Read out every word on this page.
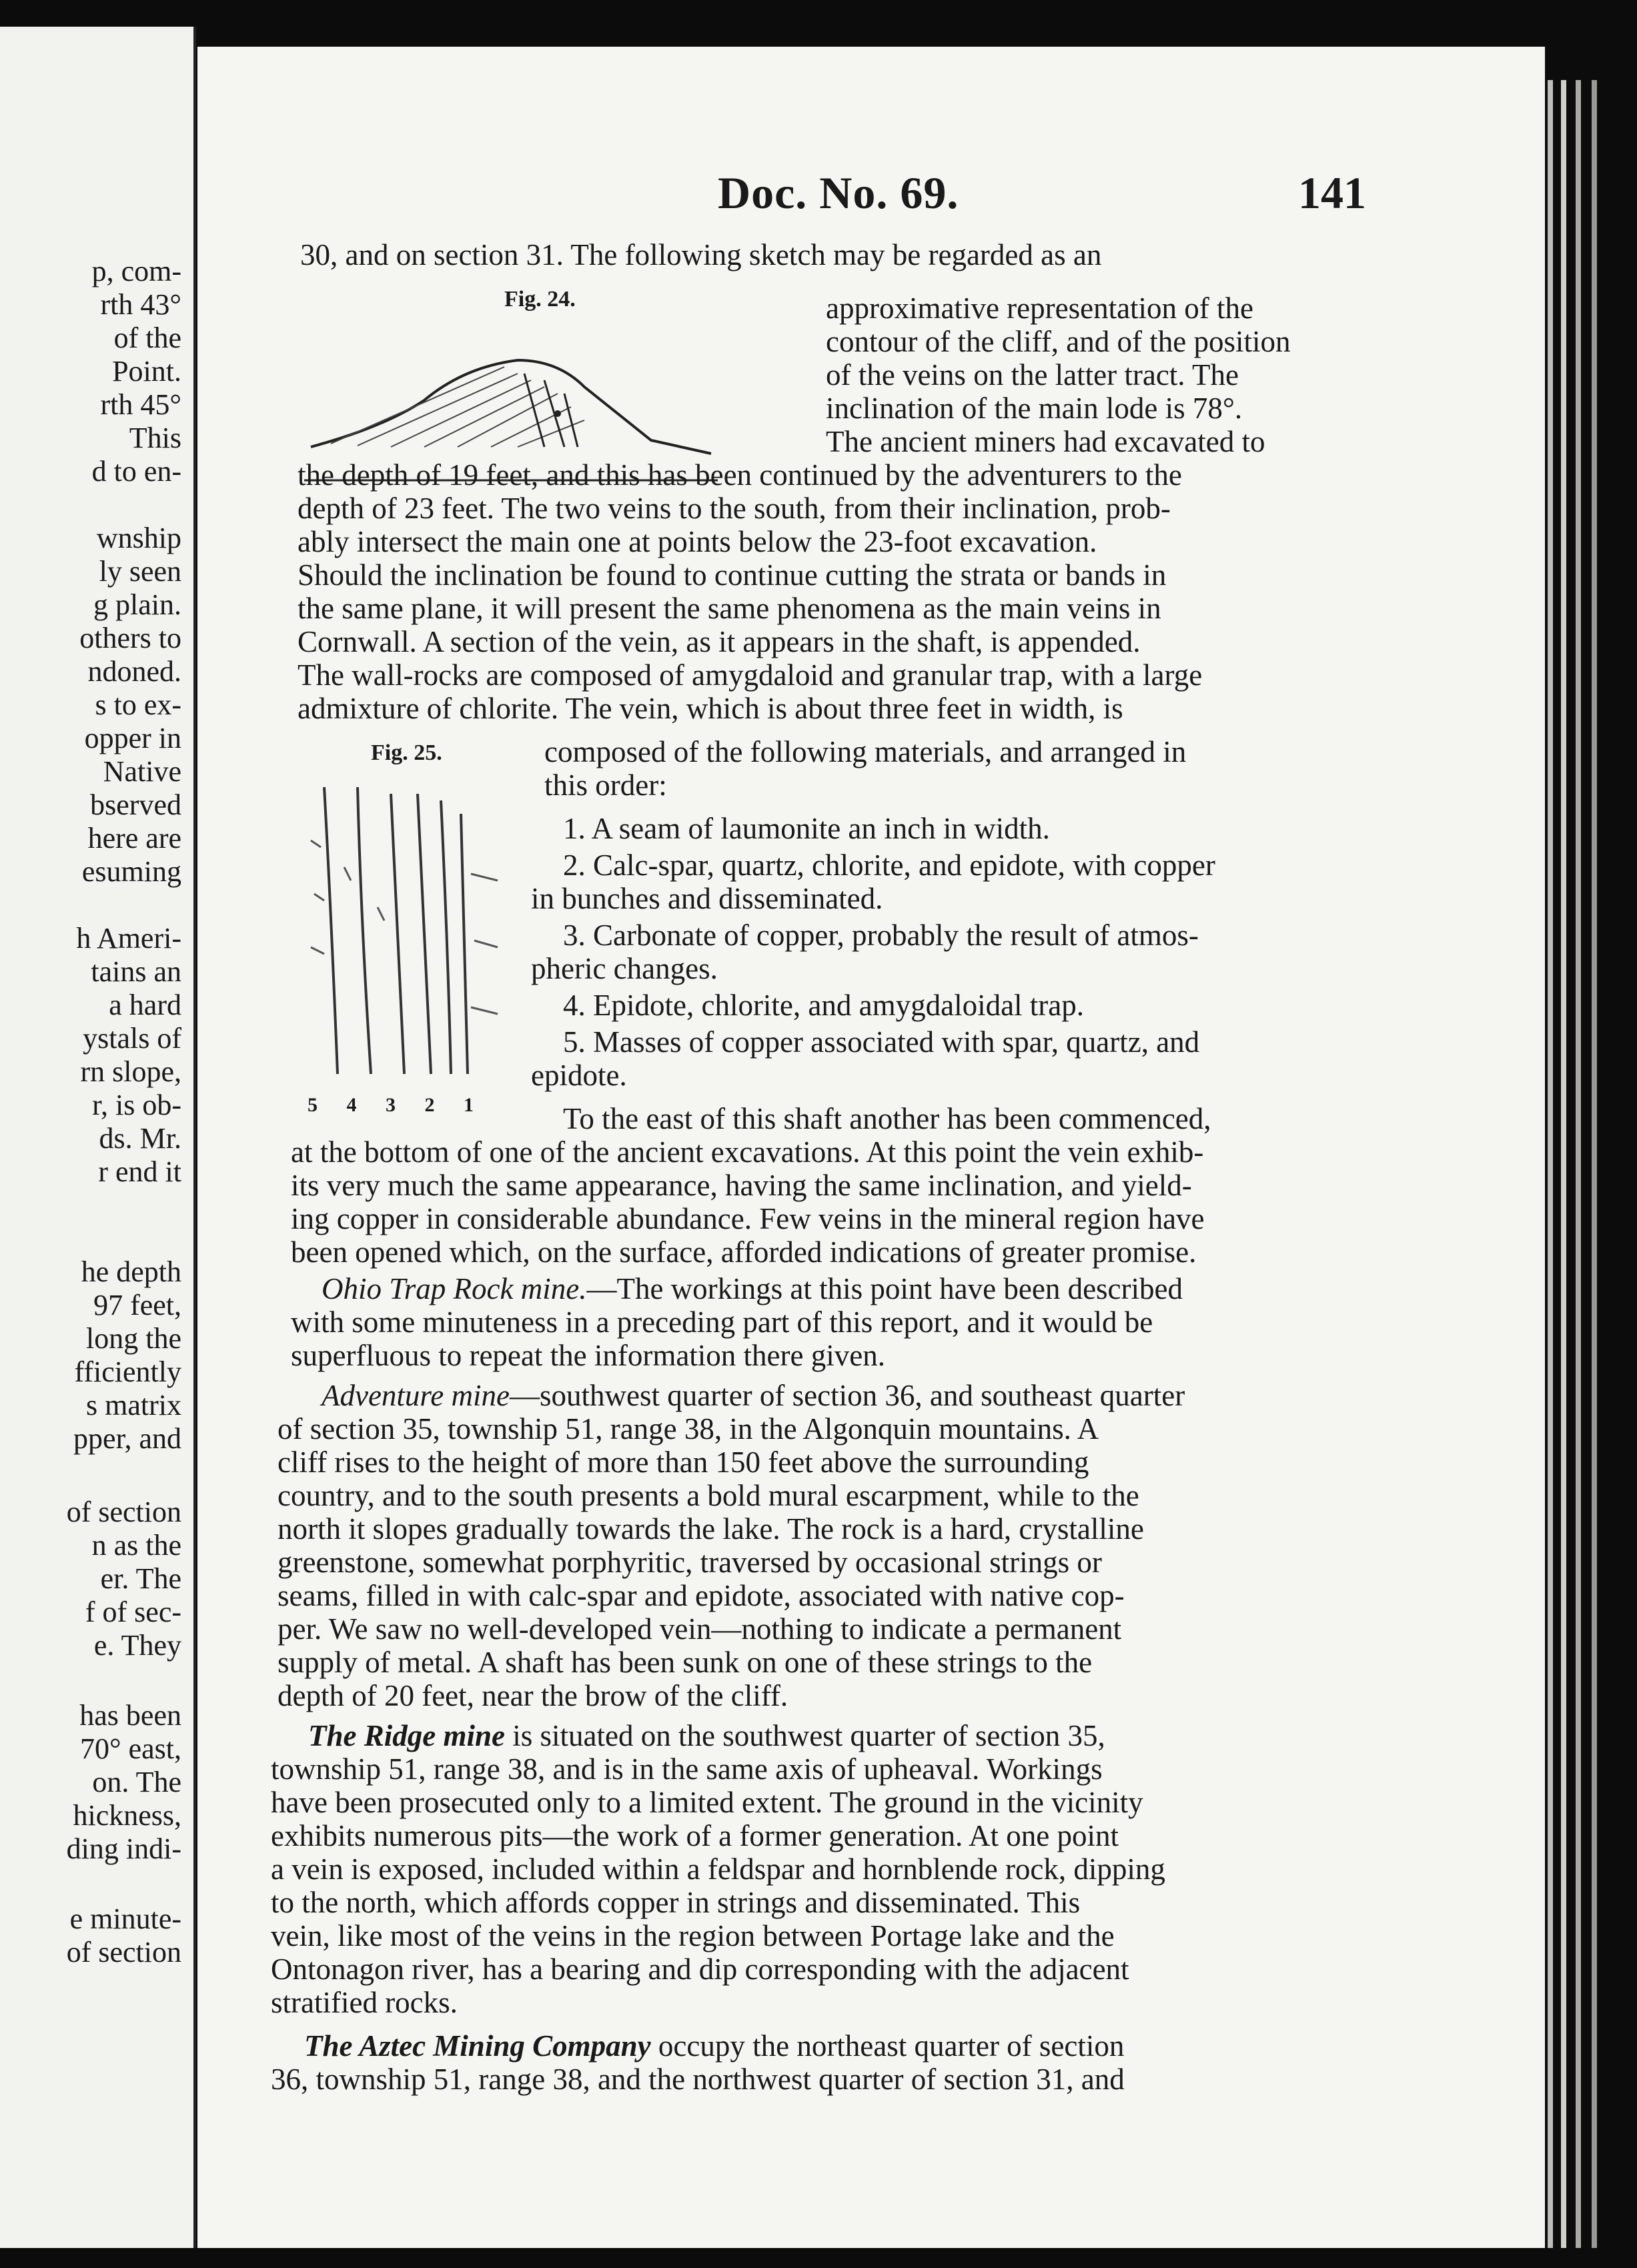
p, com-
rth 43°
of the
Point.
rth 45°
This
d to en-
wnship
ly seen
g plain.
others to
ndoned.
s to ex-
opper in
Native
bserved
here are
esuming
h Ameri-
tains an
a hard
ystals of
rn slope,
r, is ob-
ds. Mr.
r end it
he depth
97 feet,
long the
fficiently
s matrix
pper, and
of section
n as the
er. The
f of sec-
e. They
has been
70° east,
on. The
hickness,
ding indi-
e minute-
of section
Doc. No. 69.	141
30, and on section 31. The following sketch may be regarded as an
Fig. 24.	approximative representation of the
contour of the cliff, and of the position
of the veins on the latter tract. The
inclination of the main lode is 78°.
The ancient miners had excavated to
the depth of 19 feet, and this has been continued by the adventurers to the
depth of 23 feet. The two veins to the south, from their inclination, prob-
ably intersect the main one at points below the 23-foot excavation.
Should the inclination be found to continue cutting the strata or bands in
the same plane, it will present the same phenomena as the main veins in
Cornwall. A section of the vein, as it appears in the shaft, is appended.
The wall-rocks are composed of amygdaloid and granular trap, with a large
admixture of chlorite. The vein, which is about three feet in width, is
Fig. 25.
5 4 3 2 1
composed of the following materials, and arranged in
this order:
1. A seam of laumonite an inch in width.
2. Calc-spar, quartz, chlorite, and epidote, with copper
in bunches and disseminated.
3. Carbonate of copper, probably the result of atmos-
pheric changes.
4. Epidote, chlorite, and amygdaloidal trap.
5. Masses of copper associated with spar, quartz, and
epidote.
To the east of this shaft another has been commenced,
at the bottom of one of the ancient excavations. At this point the vein exhib-
its very much the same appearance, having the same inclination, and yield-
ing copper in considerable abundance. Few veins in the mineral region have
been opened which, on the surface, afforded indications of greater promise.
Ohio Trap Rock mine.—The workings at this point have been described
with some minuteness in a preceding part of this report, and it would be
superfluous to repeat the information there given.
Adventure mine—southwest quarter of section 36, and southeast quarter
of section 35, township 51, range 38, in the Algonquin mountains. A
cliff rises to the height of more than 150 feet above the surrounding
country, and to the south presents a bold mural escarpment, while to the
north it slopes gradually towards the lake. The rock is a hard, crystalline
greenstone, somewhat porphyritic, traversed by occasional strings or
seams, filled in with calc-spar and epidote, associated with native cop-
per. We saw no well-developed vein—nothing to indicate a permanent
supply of metal. A shaft has been sunk on one of these strings to the
depth of 20 feet, near the brow of the cliff.
The Ridge mine is situated on the southwest quarter of section 35,
township 51, range 38, and is in the same axis of upheaval. Workings
have been prosecuted only to a limited extent. The ground in the vicinity
exhibits numerous pits—the work of a former generation. At one point
a vein is exposed, included within a feldspar and hornblende rock, dipping
to the north, which affords copper in strings and disseminated. This
vein, like most of the veins in the region between Portage lake and the
Ontonagon river, has a bearing and dip corresponding with the adjacent
stratified rocks.
The Aztec Mining Company occupy the northeast quarter of section
36, township 51, range 38, and the northwest quarter of section 31, and
